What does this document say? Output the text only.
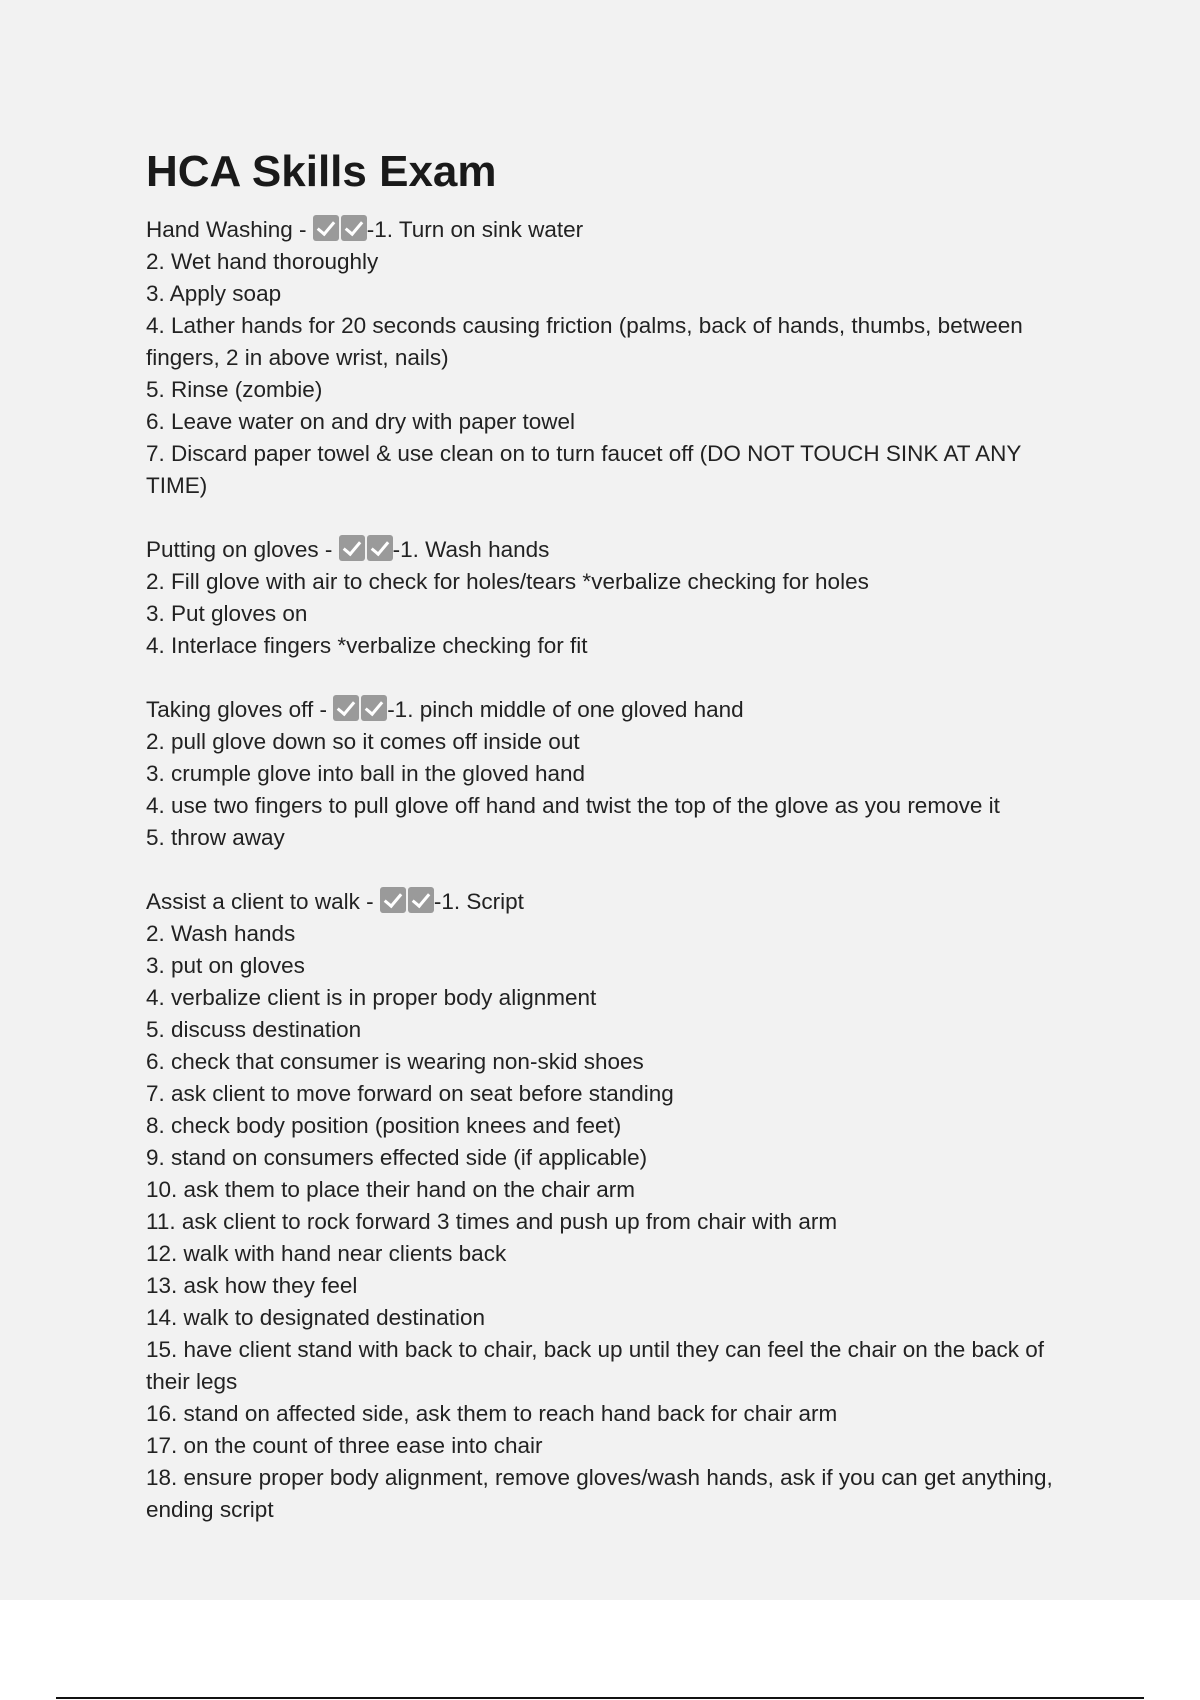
HCA Skills Exam

Hand Washing -
-1. Turn on sink water

2. Wet hand thoroughly

3. Apply soap

4. Lather hands for 20 seconds causing friction (palms, back of hands, thumbs, between fingers, 2 in above wrist, nails)

5. Rinse (zombie)

6. Leave water on and dry with paper towel

7. Discard paper towel & use clean on to turn faucet off (DO NOT TOUCH SINK AT ANY TIME)

Putting on gloves -
-1. Wash hands

2. Fill glove with air to check for holes/tears *verbalize checking for holes

3. Put gloves on

4. Interlace fingers *verbalize checking for fit

Taking gloves off -
-1. pinch middle of one gloved hand

2. pull glove down so it comes off inside out

3. crumple glove into ball in the gloved hand

4. use two fingers to pull glove off hand and twist the top of the glove as you remove it

5. throw away

Assist a client to walk -
-1. Script

2. Wash hands

3. put on gloves

4. verbalize client is in proper body alignment

5. discuss destination

6. check that consumer is wearing non-skid shoes

7. ask client to move forward on seat before standing

8. check body position (position knees and feet)

9. stand on consumers effected side (if applicable)

10. ask them to place their hand on the chair arm

11. ask client to rock forward 3 times and push up from chair with arm

12. walk with hand near clients back

13. ask how they feel

14. walk to designated destination

15. have client stand with back to chair, back up until they can feel the chair on the back of their legs

16. stand on affected side, ask them to reach hand back for chair arm

17. on the count of three ease into chair

18. ensure proper body alignment, remove gloves/wash hands, ask if you can get anything, ending script
